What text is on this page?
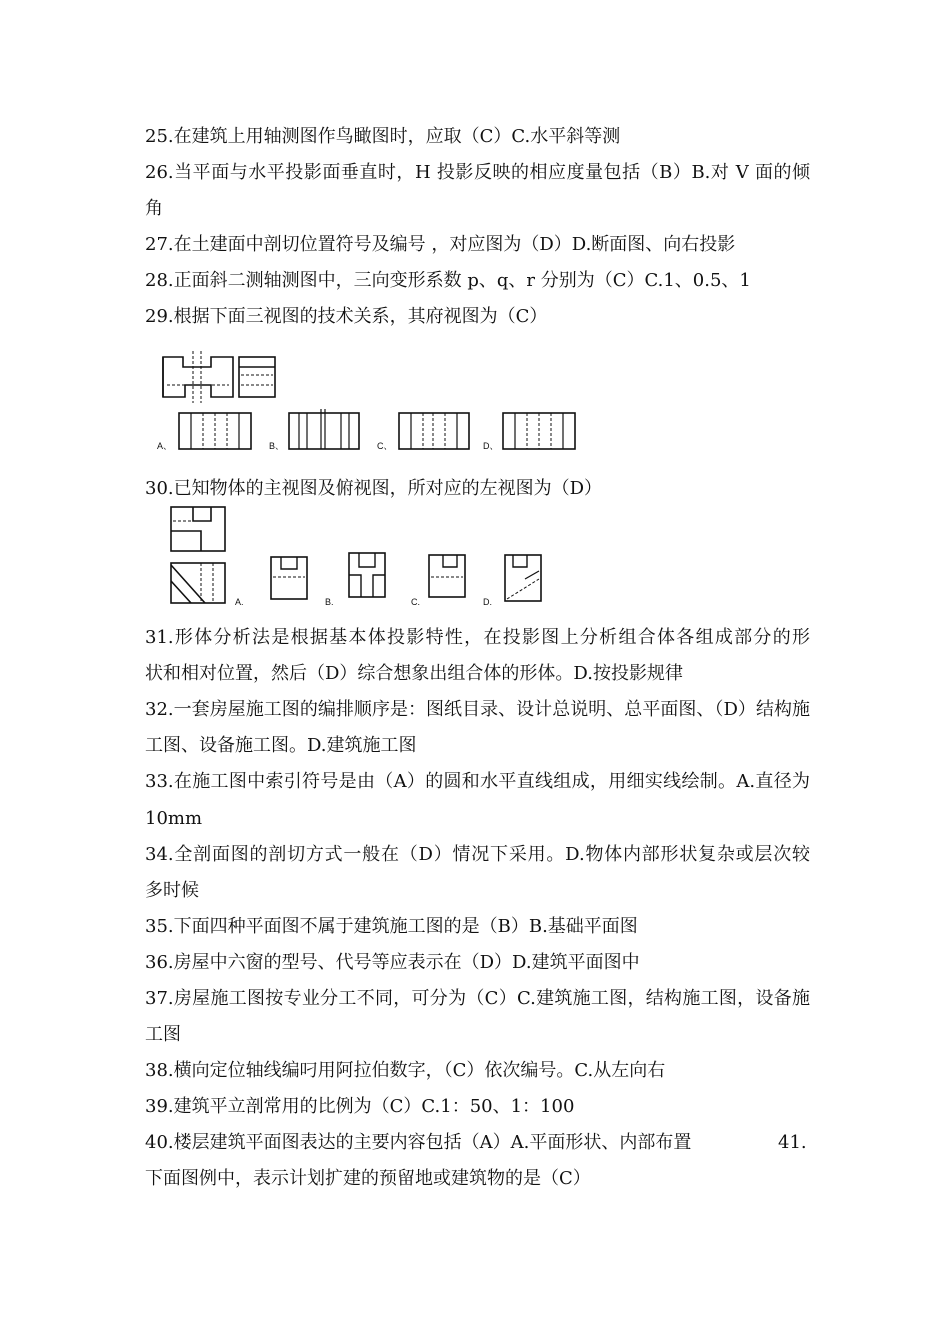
25.在建筑上用轴测图作鸟瞰图时，应取（C）C.水平斜等测
26.当平面与水平投影面垂直时，H 投影反映的相应度量包括（B）B.对 V 面的倾
角
27.在土建面中剖切位置符号及编号 ，对应图为（D）D.断面图、向右投影
28.正面斜二测轴测图中，三向变形系数 p、q、r 分别为（C）C.1、0.5、1
29.根据下面三视图的技术关系，其府视图为（C）
A、	B、	C、	D、
30.已知物体的主视图及俯视图，所对应的左视图为（D）
A.	B.	C.	D.
31.形体分析法是根据基本体投影特性，在投影图上分析组合体各组成部分的形
状和相对位置，然后（D）综合想象出组合体的形体。D.按投影规律
32.一套房屋施工图的编排顺序是：图纸目录、设计总说明、总平面图、（D）结构施
工图、设备施工图。D.建筑施工图
33.在施工图中索引符号是由（A）的圆和水平直线组成，用细实线绘制。A.直径为
10mm
34.全剖面图的剖切方式一般在（D）情况下采用。D.物体内部形状复杂或层次较
多时候
35.下面四种平面图不属于建筑施工图的是（B）B.基础平面图
36.房屋中六窗的型号、代号等应表示在（D）D.建筑平面图中
37.房屋施工图按专业分工不同，可分为（C）C.建筑施工图，结构施工图，设备施
工图
38.横向定位轴线编叼用阿拉伯数字，（C）依次编号。C.从左向右
39.建筑平立剖常用的比例为（C）C.1：50、1：100
40.楼层建筑平面图表达的主要内容包括（A）A.平面形状、内部布置	41.
下面图例中，表示计划扩建的预留地或建筑物的是（C）
